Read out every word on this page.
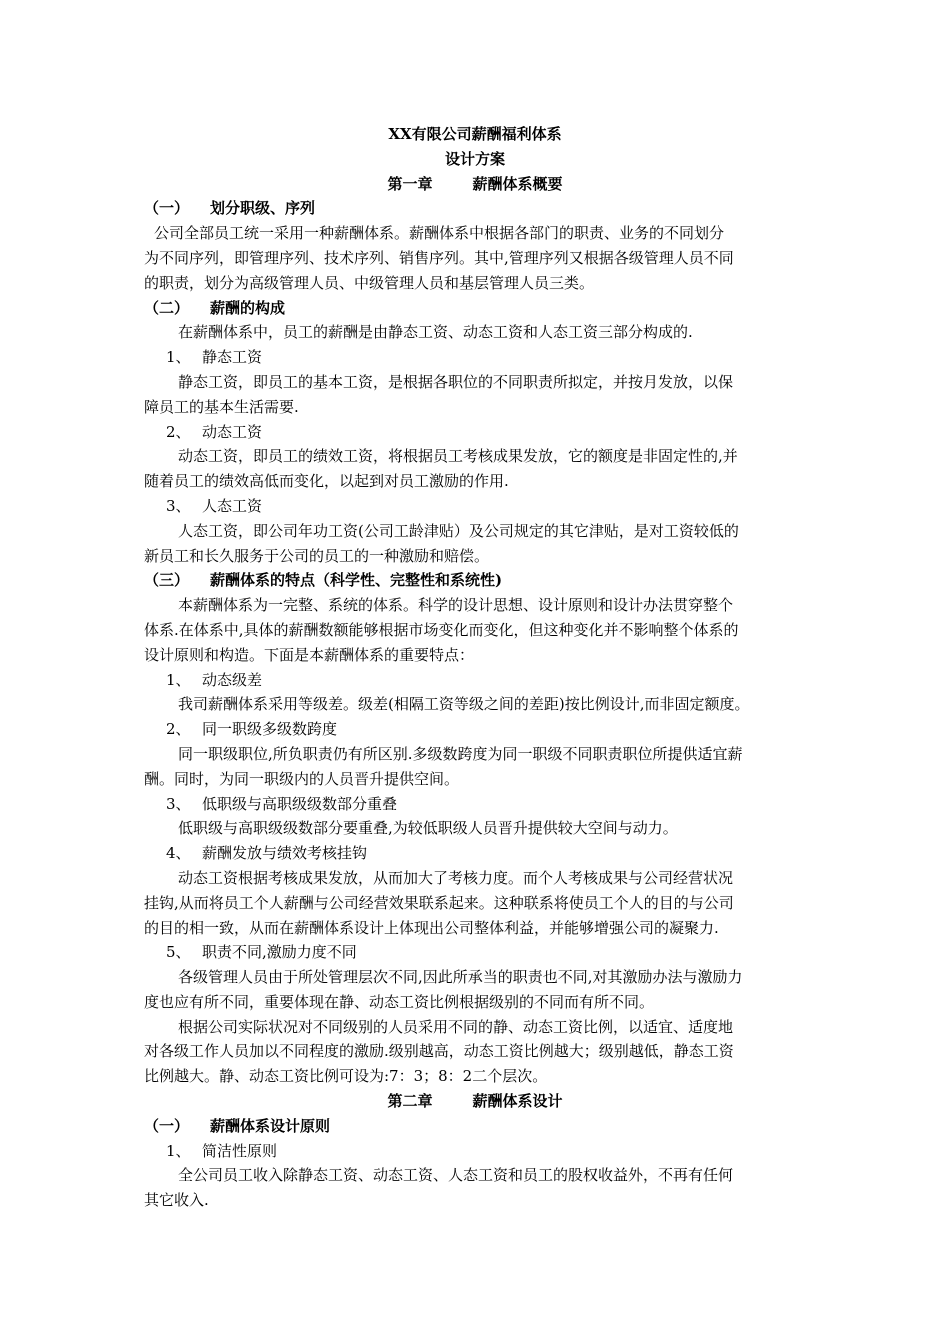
XX有限公司薪酬福利体系
设计方案
第一章	薪酬体系概要
（一） 划分职级、序列
公司全部员工统一采用一种薪酬体系。薪酬体系中根据各部门的职责、业务的不同划分
为不同序列，即管理序列、技术序列、销售序列。其中,管理序列又根据各级管理人员不同
的职责，划分为高级管理人员、中级管理人员和基层管理人员三类。
（二） 薪酬的构成
在薪酬体系中，员工的薪酬是由静态工资、动态工资和人态工资三部分构成的.
1、 静态工资
静态工资，即员工的基本工资，是根据各职位的不同职责所拟定，并按月发放，以保
障员工的基本生活需要.
2、 动态工资
动态工资，即员工的绩效工资，将根据员工考核成果发放，它的额度是非固定性的,并
随着员工的绩效高低而变化，以起到对员工激励的作用.
3、 人态工资
人态工资，即公司年功工资(公司工龄津贴）及公司规定的其它津贴，是对工资较低的
新员工和长久服务于公司的员工的一种激励和赔偿。
（三） 薪酬体系的特点（科学性、完整性和系统性)
本薪酬体系为一完整、系统的体系。科学的设计思想、设计原则和设计办法贯穿整个
体系.在体系中,具体的薪酬数额能够根据市场变化而变化，但这种变化并不影响整个体系的
设计原则和构造。下面是本薪酬体系的重要特点：
1、 动态级差
我司薪酬体系采用等级差。级差(相隔工资等级之间的差距)按比例设计,而非固定额度。
2、 同一职级多级数跨度
同一职级职位,所负职责仍有所区别.多级数跨度为同一职级不同职责职位所提供适宜薪
酬。同时，为同一职级内的人员晋升提供空间。
3、 低职级与高职级级数部分重叠
低职级与高职级级数部分要重叠,为较低职级人员晋升提供较大空间与动力。
4、 薪酬发放与绩效考核挂钩
动态工资根据考核成果发放，从而加大了考核力度。而个人考核成果与公司经营状况
挂钩,从而将员工个人薪酬与公司经营效果联系起来。这种联系将使员工个人的目的与公司
的目的相一致，从而在薪酬体系设计上体现出公司整体利益，并能够增强公司的凝聚力.
5、 职责不同,激励力度不同
各级管理人员由于所处管理层次不同,因此所承当的职责也不同,对其激励办法与激励力
度也应有所不同，重要体现在静、动态工资比例根据级别的不同而有所不同。
根据公司实际状况对不同级别的人员采用不同的静、动态工资比例，以适宜、适度地
对各级工作人员加以不同程度的激励.级别越高，动态工资比例越大；级别越低，静态工资
比例越大。静、动态工资比例可设为:7：3；8：2二个层次。
第二章	薪酬体系设计
（一） 薪酬体系设计原则
1、 简洁性原则
全公司员工收入除静态工资、动态工资、人态工资和员工的股权收益外，不再有任何
其它收入.
